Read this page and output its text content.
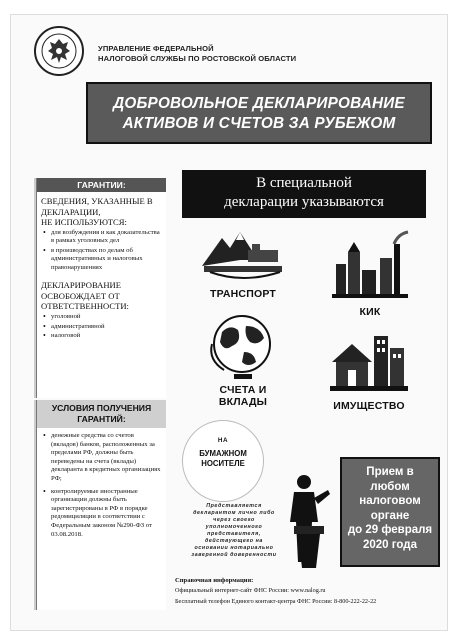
УПРАВЛЕНИЕ ФЕДЕРАЛЬНОЙ
НАЛОГОВОЙ СЛУЖБЫ ПО РОСТОВСКОЙ ОБЛАСТИ
ДОБРОВОЛЬНОЕ ДЕКЛАРИРОВАНИЕ
АКТИВОВ И СЧЕТОВ ЗА РУБЕЖОМ
ГАРАНТИИ:
СВЕДЕНИЯ, УКАЗАННЫЕ В
ДЕКЛАРАЦИИ,
НЕ ИСПОЛЬЗУЮТСЯ:
• для возбуждения и как доказательства в рамках уголовных дел
• в производствах по делам об административных и налоговых правонарушениях
ДЕКЛАРИРОВАНИЕ
ОСВОБОЖДАЕТ ОТ
ОТВЕТСТВЕННОСТИ:
• уголовной
• административной
• налоговой
УСЛОВИЯ ПОЛУЧЕНИЯ
ГАРАНТИЙ:
• денежные средства со счетов (вкладов) банков, расположенных за пределами РФ, должны быть переведены на счета (вклады) деклaранта в кредитных организациях РФ;
• контролируемые иностранные организации должны быть зарегистрированы в РФ в порядке редомициляции в соответствии с Федеральным законом №290-ФЗ от 03.08.2018.
В специальной
декларации указываются
ТРАНСПОРТ
КИК
СЧЕТА И
ВКЛАДЫ	ИМУЩЕСТВО
НА
БУМАЖНОМ
НОСИТЕЛЕ
Представляется
декларантом лично либо
через своего
уполномоченного
представителя,
действующего на
основании нотариально
заверенной доверенности
Прием в
любом
налоговом
органе
до 29 февраля
2020 года
Справочная информация:
Официальный интернет-сайт ФНС России: www.nalog.ru
Бесплатный телефон Единого контакт-центра ФНС России: 8-800-222-22-22
